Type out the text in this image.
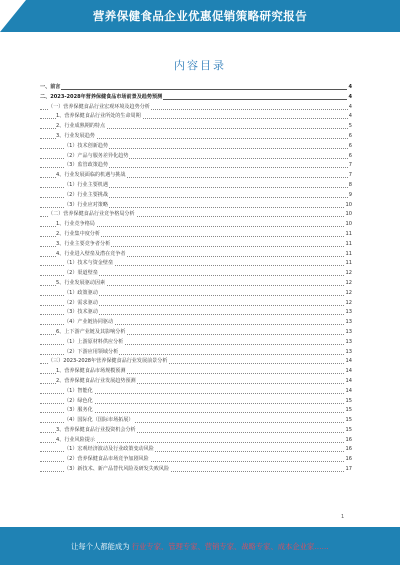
营养保健食品企业优惠促销策略研究报告
内容目录
一、前言	4
二、2023-2028年营养保健食品市场前景及趋势预测	4
（一）营养保健食品行业宏观环境及趋势分析	4
1、营养保健食品行业所处的生命周期	4
2、行业成熟期的特点	5
3、行业发展趋势	6
（1）技术创新趋势	6
（2）产品与服务差异化趋势	6
（3）监管政策趋势	7
4、行业发展面临的机遇与挑战	7
（1）行业主要机遇	8
（2）行业主要挑战	9
（3）行业应对策略	10
（二）营养保健食品行业竞争格局分析	10
1、行业竞争格局	10
2、行业集中度分析	11
3、行业主要竞争者分析	11
4、行业进入壁垒及潜在竞争者	11
（1）技术与资金壁垒	11
（2）渠道壁垒	12
5、行业发展驱动因素	12
（1）政策驱动	12
（2）需求驱动	12
（3）技术驱动	13
（4）产业链协同驱动	13
6、上下游产业链及其影响分析	13
（1）上游原材料供应分析	13
（2）下游应用领域分析	13
（三）2023-2028年营养保健食品行业发展前景分析	14
1、营养保健食品市场规模预测	14
2、营养保健食品行业发展趋势预测	14
（1）智能化	14
（2）绿色化	15
（3）服务化	15
（4）国际化（国际市场拓展）	15
3、营养保健食品行业投资机会分析	15
4、行业风险提示	16
（1）宏观经济波动及行业政策变动风险	16
（2）营养保健食品市场竞争加剧风险	16
（3）新技术、新产品替代风险及研发失败风险	17
1
让每个人都能成为 行业专家、管理专家、营销专家、战略专家、成本企业家……
